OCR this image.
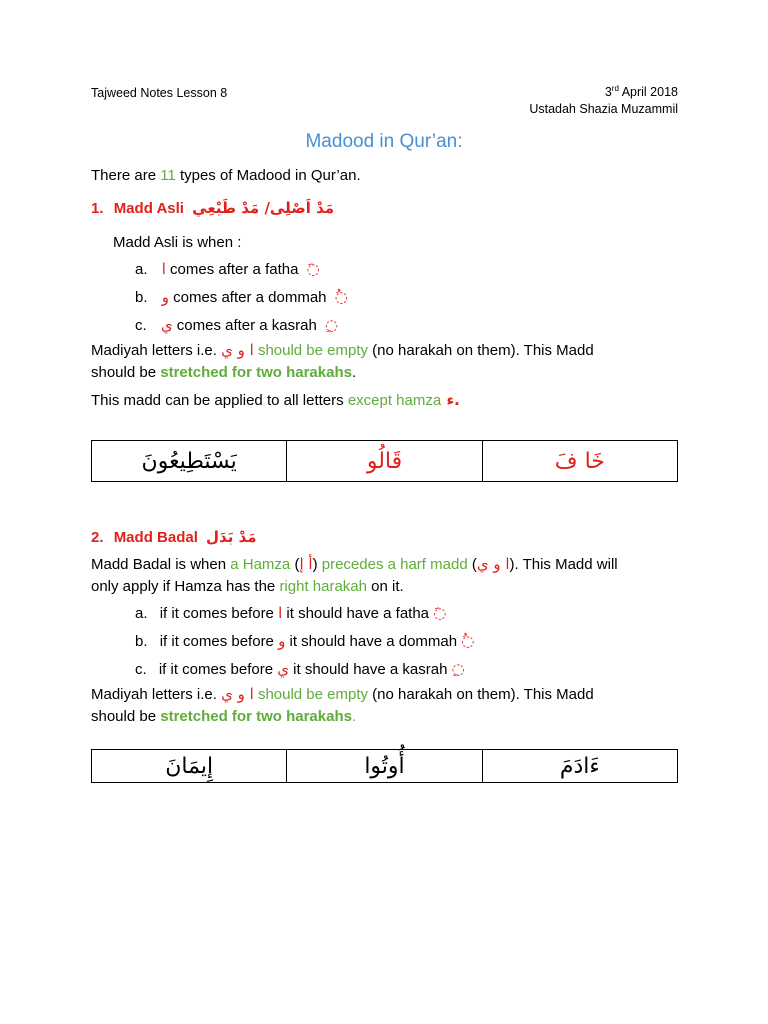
Tajweed Notes Lesson 8	3rd April 2018
Ustadah Shazia Muzammil
Madood in Qur’an:
There are 11 types of Madood in Qur’an.
1. Madd Asli مَدْ اَصْلِى/ مَدْ طَبْعِي
Madd Asli is when :
a. ا comes after a fatha ◌َ
b. و comes after a dommah ◌ُ
c. ي comes after a kasrah ◌ِ
Madiyah letters i.e. ا و ي should be empty (no harakah on them). This Madd
should be stretched for two harakahs.
This madd can be applied to all letters except hamza ء.
يَسْتَطِيعُونَ	قَالُو	خَا فَ
2. Madd Badal مَدْ بَدَل
Madd Badal is when a Hamza (أ إ) precedes a harf madd (ا و ي). This Madd will
only apply if Hamza has the right harakah on it.
a. if it comes before ا it should have a fatha ◌َ
b. if it comes before و it should have a dommah ◌ُ
c. if it comes before ي it should have a kasrah ◌ِ
Madiyah letters i.e. ا و ي should be empty (no harakah on them). This Madd
should be stretched for two harakahs.
إِيمَانَ	أُوتُوا	ءَادَمَ
